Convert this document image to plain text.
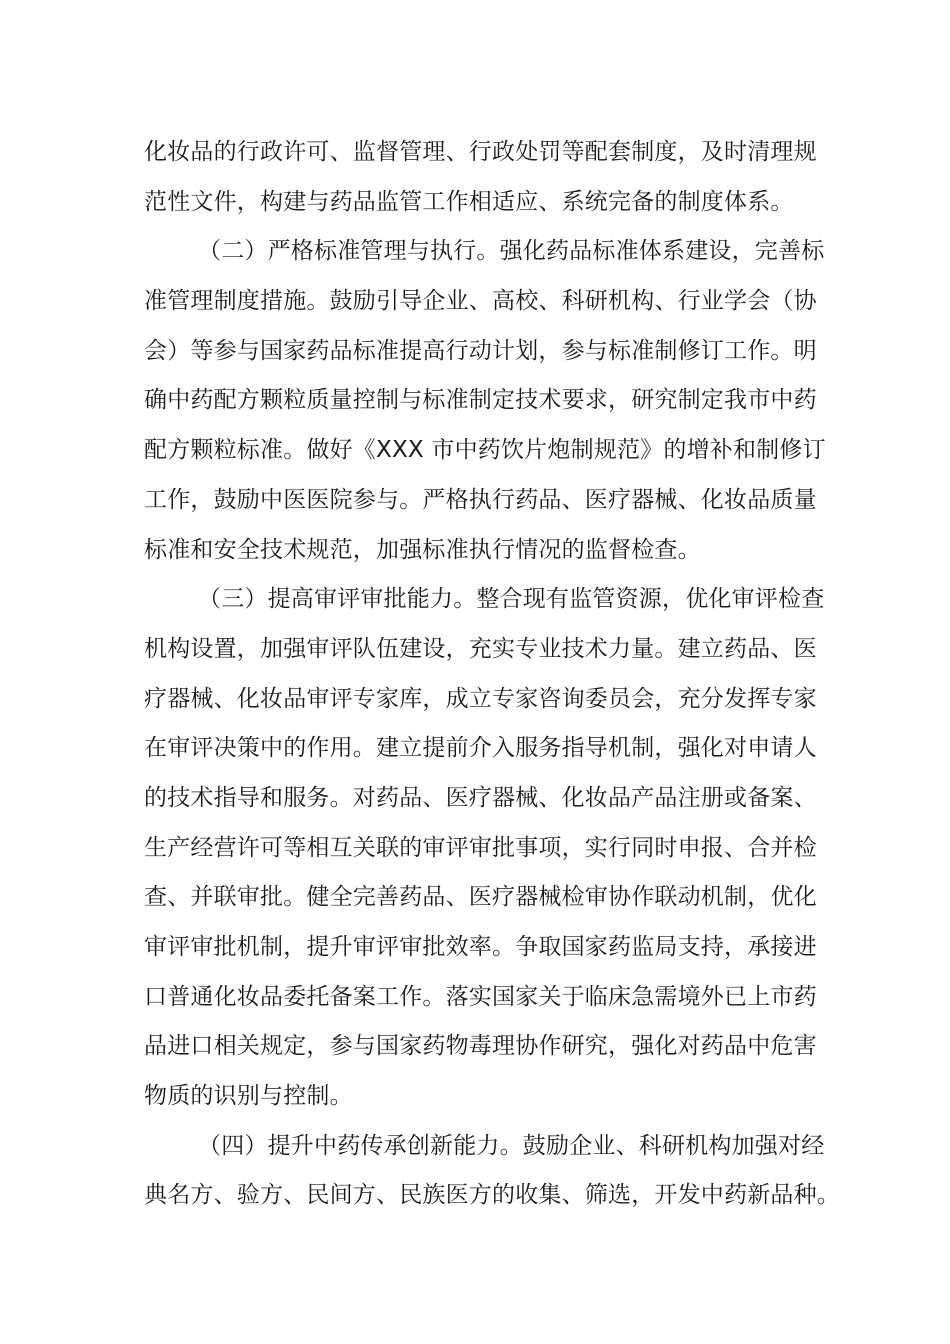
化妆品的行政许可、监督管理、行政处罚等配套制度，及时清理规
范性文件，构建与药品监管工作相适应、系统完备的制度体系。
（二）严格标准管理与执行。强化药品标准体系建设，完善标
准管理制度措施。鼓励引导企业、高校、科研机构、行业学会（协
会）等参与国家药品标准提高行动计划，参与标准制修订工作。明
确中药配方颗粒质量控制与标准制定技术要求，研究制定我市中药
配方颗粒标准。做好《XXX 市中药饮片炮制规范》的增补和制修订
工作，鼓励中医医院参与。严格执行药品、医疗器械、化妆品质量
标准和安全技术规范，加强标准执行情况的监督检查。
（三）提高审评审批能力。整合现有监管资源，优化审评检查
机构设置，加强审评队伍建设，充实专业技术力量。建立药品、医
疗器械、化妆品审评专家库，成立专家咨询委员会，充分发挥专家
在审评决策中的作用。建立提前介入服务指导机制，强化对申请人
的技术指导和服务。对药品、医疗器械、化妆品产品注册或备案、
生产经营许可等相互关联的审评审批事项，实行同时申报、合并检
查、并联审批。健全完善药品、医疗器械检审协作联动机制，优化
审评审批机制，提升审评审批效率。争取国家药监局支持，承接进
口普通化妆品委托备案工作。落实国家关于临床急需境外已上市药
品进口相关规定，参与国家药物毒理协作研究，强化对药品中危害
物质的识别与控制。
（四）提升中药传承创新能力。鼓励企业、科研机构加强对经
典名方、验方、民间方、民族医方的收集、筛选，开发中药新品种。
